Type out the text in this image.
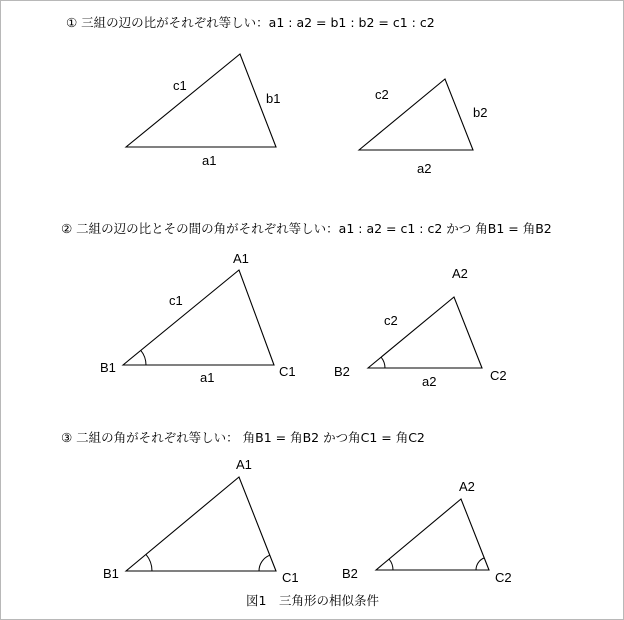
① 三組の辺の比がそれぞれ等しい：a1 : a2 = b1 : b2 = c1 : c2
② 二組の辺の比とその間の角がそれぞれ等しい：a1 : a2 = c1 : c2 かつ 角B1 = 角B2
③ 二組の角がそれぞれ等しい： 角B1 = 角B2 かつ角C1 = 角C2
c1
b1
a1
c2
b2
a2
A1
B1	C1
c1
a1
A2
B2	C2
c2
a2
A1
B1	C1
A2
B2	C2
図1　三角形の相似条件
